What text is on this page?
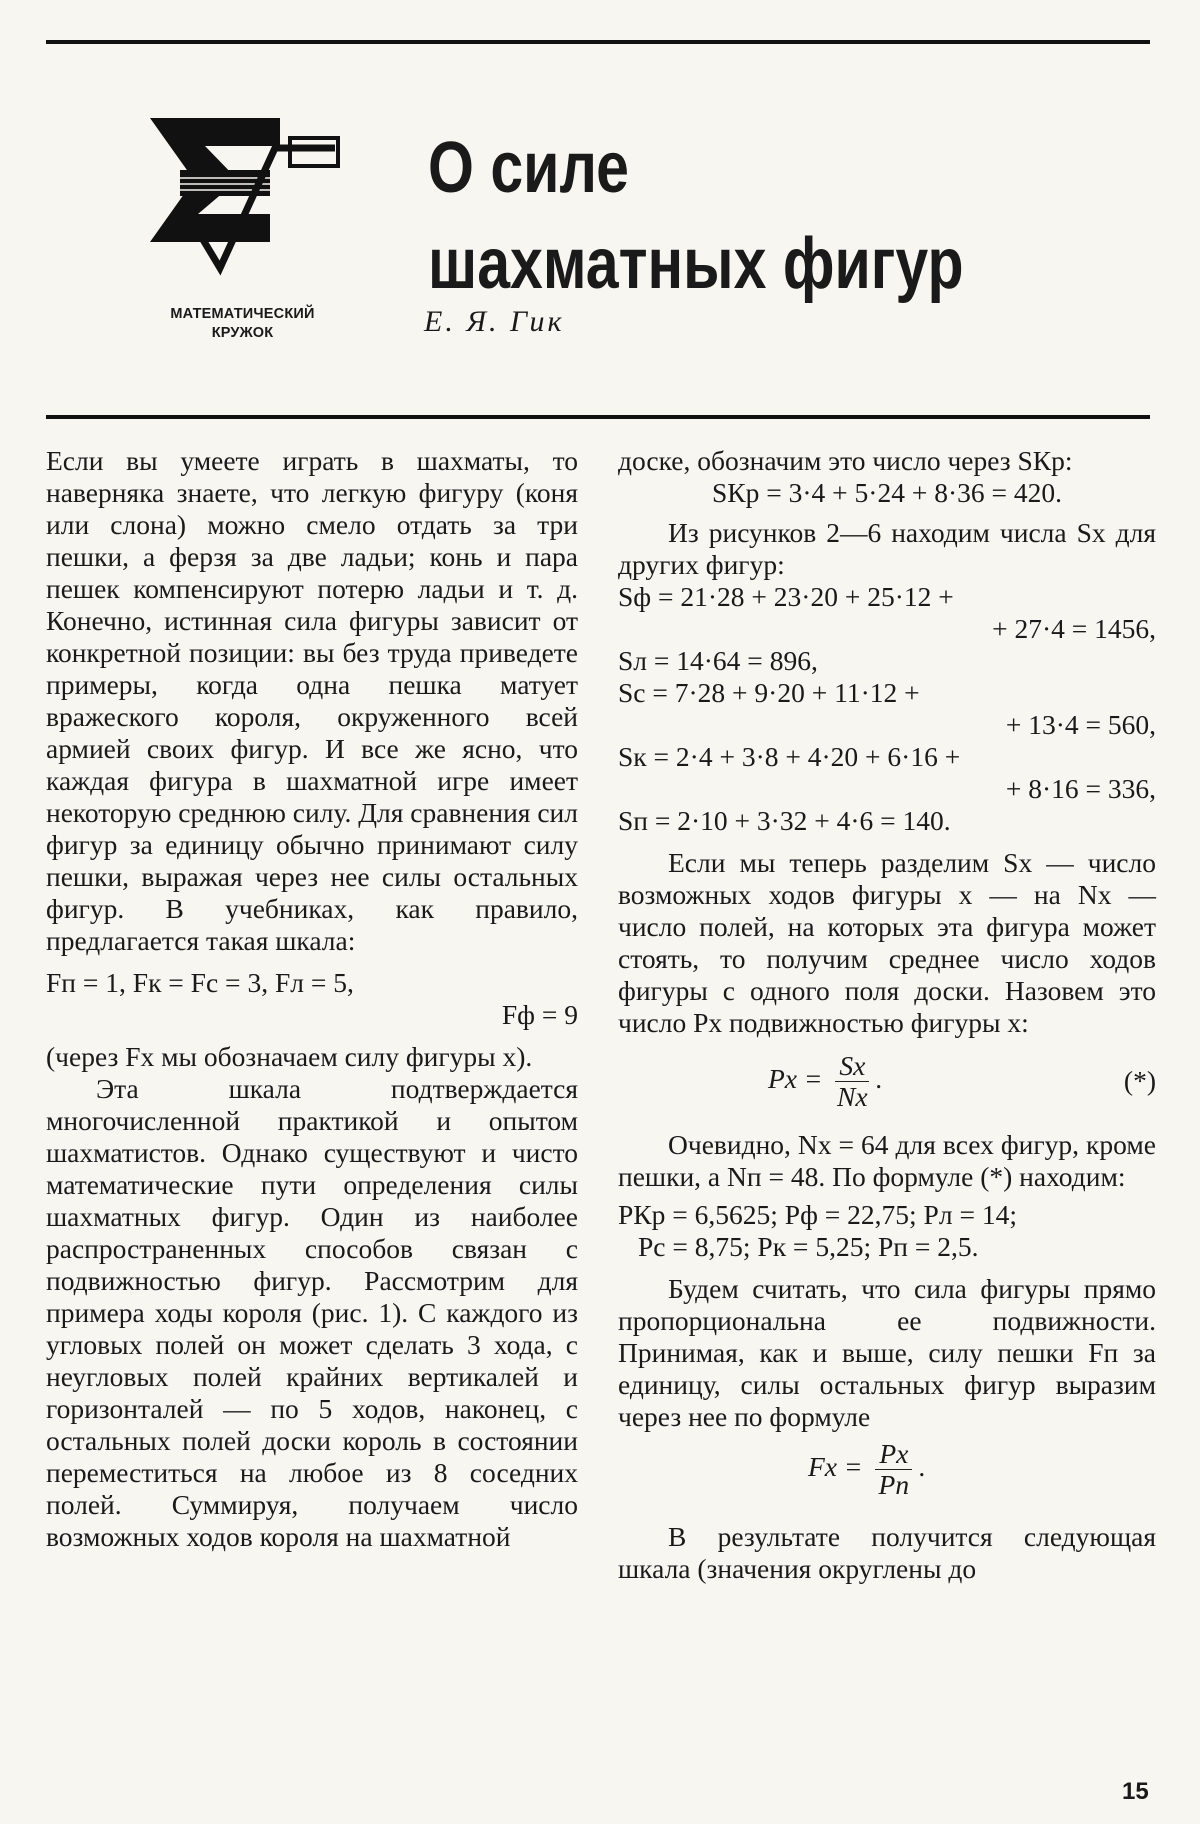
МАТЕМАТИЧЕСКИЙ
КРУЖОК
О силе
шахматных фигур
Е. Я. Гик

Если вы умеете играть в шахматы, то наверняка знаете, что легкую фигуру (коня или слона) можно смело отдать за три пешки, а ферзя за две ладьи; конь и пара пешек компенсируют потерю ладьи и т. д. Конечно, истинная сила фигуры зависит от конкретной позиции: вы без труда приведете примеры, когда одна пешка матует вражеского короля, окруженного всей армией своих фигур. И все же ясно, что каждая фигура в шахматной игре имеет некоторую среднюю силу. Для сравнения сил фигур за единицу обычно принимают силу пешки, выражая через нее силы остальных фигур. В учебниках, как правило, предлагается такая шкала:

Fп = 1, Fк = Fс = 3, Fл = 5,

Fф = 9

(через Fx мы обозначаем силу фигуры x).

Эта шкала подтверждается многочисленной практикой и опытом шахматистов. Однако существуют и чисто математические пути определения силы шахматных фигур. Один из наиболее распространенных способов связан с подвижностью фигур. Рассмотрим для примера ходы короля (рис. 1). С каждого из угловых полей он может сделать 3 хода, с неугловых полей крайних вертикалей и горизонталей — по 5 ходов, наконец, с остальных полей доски король в состоянии переместиться на любое из 8 соседних полей. Суммируя, получаем число возможных ходов короля на шахматной

доске, обозначим это число через SКр:

SКр = 3·4 + 5·24 + 8·36 = 420.

Из рисунков 2—6 находим числа Sx для других фигур:

Sф = 21·28 + 23·20 + 25·12 +

+ 27·4 = 1456,

Sл = 14·64 = 896,

Sс = 7·28 + 9·20 + 11·12 +

+ 13·4 = 560,

Sк = 2·4 + 3·8 + 4·20 + 6·16 +

+ 8·16 = 336,

Sп = 2·10 + 3·32 + 4·6 = 140.

Если мы теперь разделим Sx — число возможных ходов фигуры x — на Nx — число полей, на которых эта фигура может стоять, то получим среднее число ходов фигуры с одного поля доски. Назовем это число Px подвижностью фигуры x:

$Px = \frac{Sx}{Nx}$ .	(*)

Очевидно, Nx = 64 для всех фигур, кроме пешки, а Nп = 48. По формуле (*) находим:

PКр = 6,5625; Pф = 22,75; Pл = 14;

Pс = 8,75; Pк = 5,25; Pп = 2,5.

Будем считать, что сила фигуры прямо пропорциональна ее подвижности. Принимая, как и выше, силу пешки Fп за единицу, силы остальных фигур выразим через нее по формуле

$Fx = \frac{Px}{Pп}$ .

В результате получится следующая шкала (значения округлены до

15
